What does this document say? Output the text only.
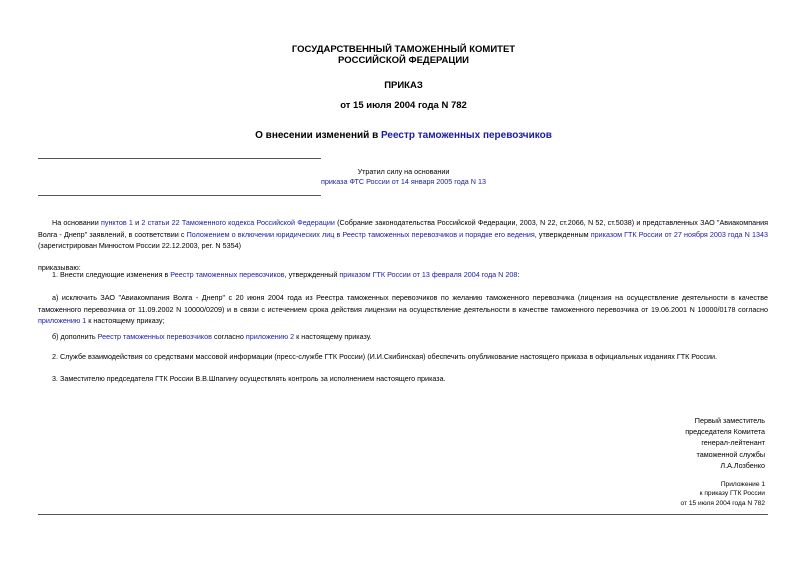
ГОСУДАРСТВЕННЫЙ ТАМОЖЕННЫЙ КОМИТЕТ
РОССИЙСКОЙ ФЕДЕРАЦИИ
ПРИКАЗ
от 15 июля 2004 года N 782
О внесении изменений в Реестр таможенных перевозчиков
Утратил силу на основании
приказа ФТС России от 14 января 2005 года N 13
На основании пунктов 1 и 2 статьи 22 Таможенного кодекса Российской Федерации (Собрание законодательства Российской Федерации, 2003, N 22, ст.2066, N 52, ст.5038) и представленных ЗАО "Авиакомпания Волга - Днепр" заявлений, в соответствии с Положением о включении юридических лиц в Реестр таможенных перевозчиков и порядке его ведения, утвержденным приказом ГТК России от 27 ноября 2003 года N 1343 (зарегистрирован Минюстом России 22.12.2003, рег. N 5354)
приказываю:
1. Внести следующие изменения в Реестр таможенных перевозчиков, утвержденный приказом ГТК России от 13 февраля 2004 года N 208:
а) исключить ЗАО "Авиакомпания Волга - Днепр" с 20 июня 2004 года из Реестра таможенных перевозчиков по желанию таможенного перевозчика (лицензия на осуществление деятельности в качестве таможенного перевозчика от 11.09.2002 N 10000/0209) и в связи с истечением срока действия лицензии на осуществление деятельности в качестве таможенного перевозчика от 19.06.2001 N 10000/0178 согласно приложению 1 к настоящему приказу;
б) дополнить Реестр таможенных перевозчиков согласно приложению 2 к настоящему приказу.
2. Службе взаимодействия со средствами массовой информации (пресс-службе ГТК России) (И.И.Скибинская) обеспечить опубликование настоящего приказа в официальных изданиях ГТК России.
3. Заместителю председателя ГТК России В.В.Шпагину осуществлять контроль за исполнением настоящего приказа.
Первый заместитель
председателя Комитета
генерал-лейтенант
таможенной службы
Л.А.Лозбенко
Приложение 1
к приказу ГТК России
от 15 июля 2004 года N 782
